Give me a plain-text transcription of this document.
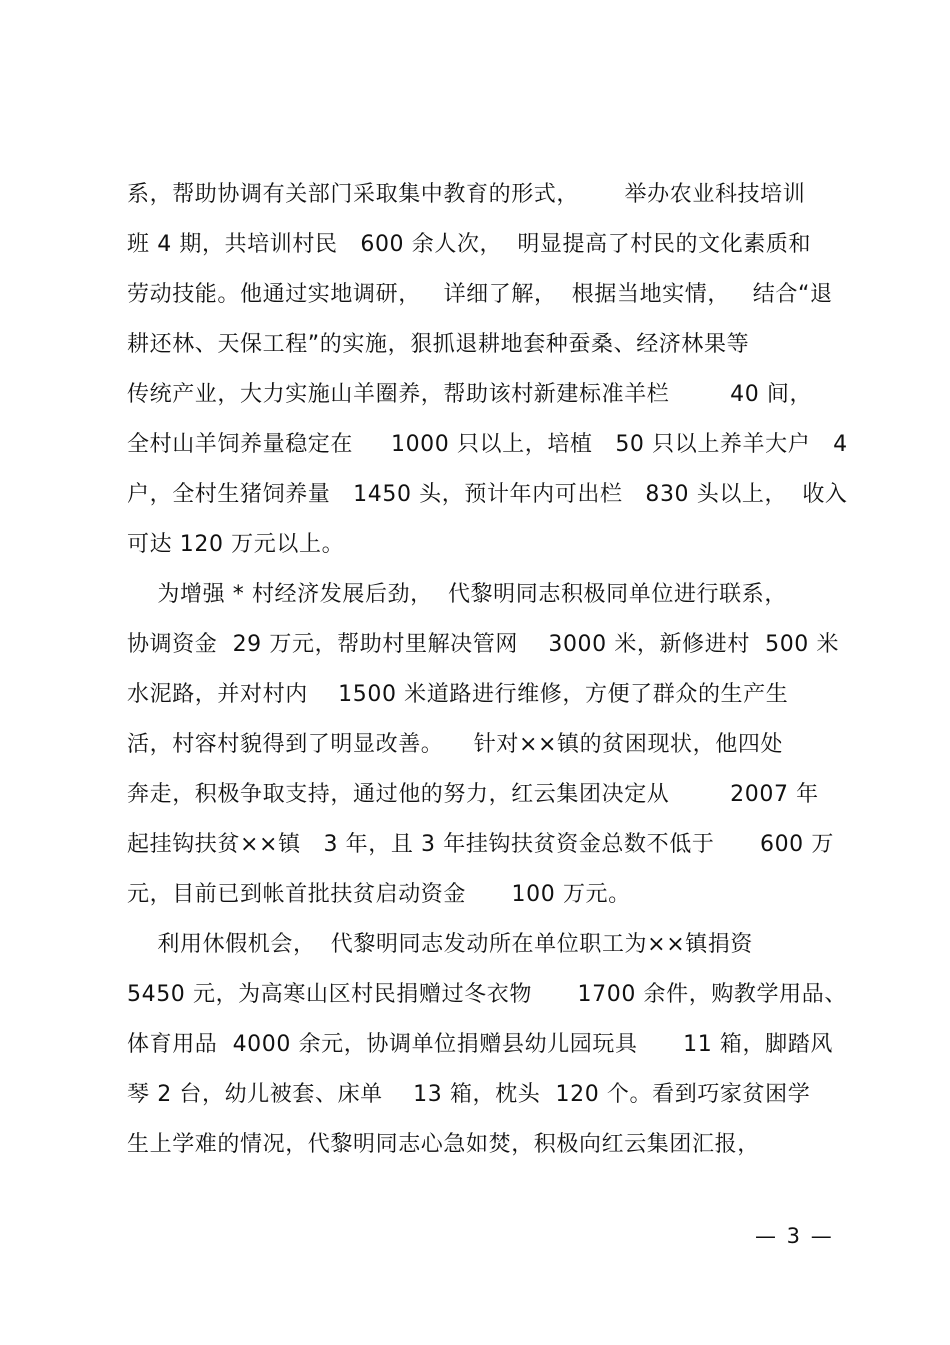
系，帮助协调有关部门采取集中教育的形式，      举办农业科技培训
班 4 期，共培训村民   600 余人次，  明显提高了村民的文化素质和
劳动技能。他通过实地调研，   详细了解，  根据当地实情，   结合“退
耕还林、天保工程”的实施，狠抓退耕地套种蚕桑、经济林果等
传统产业，大力实施山羊圈养，帮助该村新建标准羊栏        40 间，
全村山羊饲养量稳定在     1000 只以上，培植   50 只以上养羊大户   4
户，全村生猪饲养量   1450 头，预计年内可出栏   830 头以上，  收入
可达 120 万元以上。
为增强 * 村经济发展后劲，  代黎明同志积极同单位进行联系，
协调资金  29 万元，帮助村里解决管网    3000 米，新修进村  500 米
水泥路，并对村内    1500 米道路进行维修，方便了群众的生产生
活，村容村貌得到了明显改善。    针对××镇的贫困现状，他四处
奔走，积极争取支持，通过他的努力，红云集团决定从        2007 年
起挂钩扶贫××镇   3 年，且 3 年挂钩扶贫资金总数不低于      600 万
元，目前已到帐首批扶贫启动资金      100 万元。
利用休假机会，  代黎明同志发动所在单位职工为××镇捐资
5450 元，为高寒山区村民捐赠过冬衣物      1700 余件，购教学用品、
体育用品  4000 余元，协调单位捐赠县幼儿园玩具      11 箱，脚踏风
琴 2 台，幼儿被套、床单    13 箱，枕头  120 个。看到巧家贫困学
生上学难的情况，代黎明同志心急如焚，积极向红云集团汇报，
— 3 —
